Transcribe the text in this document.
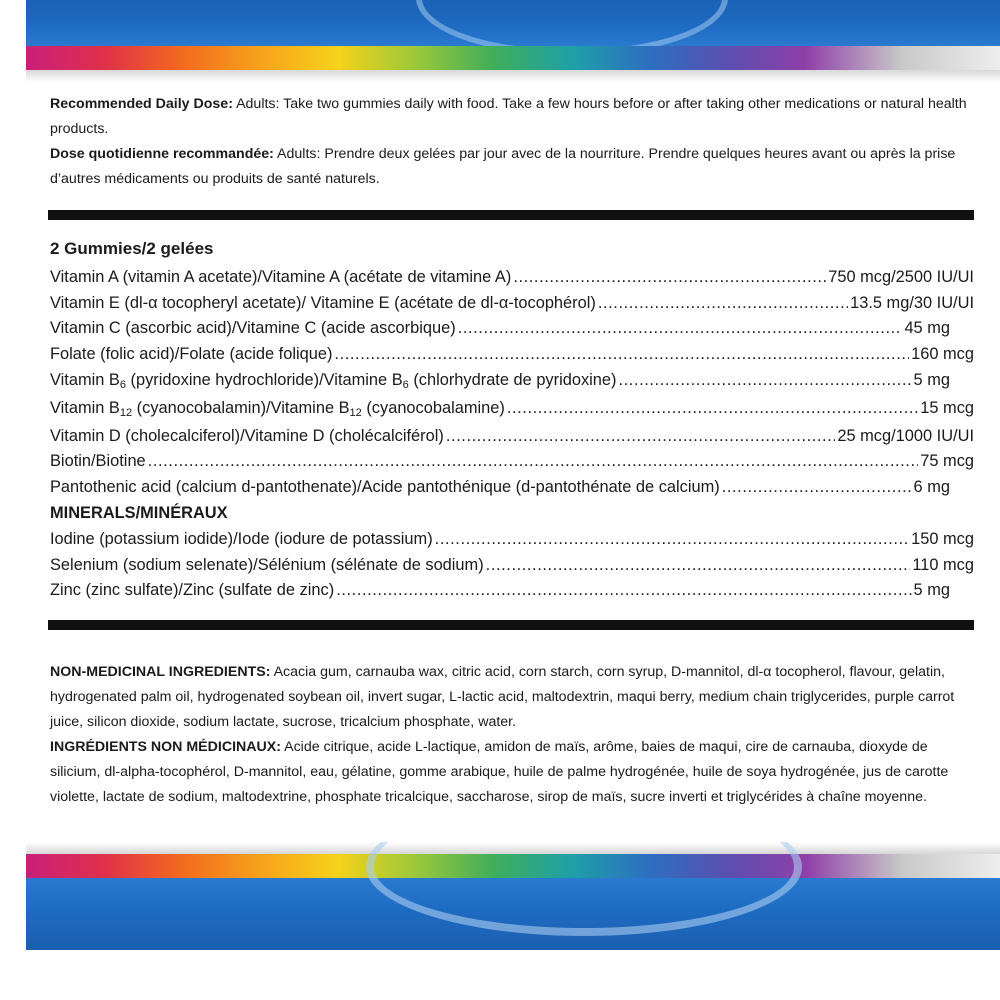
Recommended Daily Dose: Adults: Take two gummies daily with food. Take a few hours before or after taking other medications or natural health products.

Dose quotidienne recommandée: Adults: Prendre deux gelées par jour avec de la nourriture. Prendre quelques heures avant ou après la prise d’autres médicaments ou produits de santé naturels.

2 Gummies/2 gelées
Vitamin A (vitamin A acetate)/Vitamine A (acétate de vitamine A) .....	750 mcg/2500 IU/UI
Vitamin E (dl-α tocopheryl acetate)/ Vitamine E (acétate de dl-α-tocophérol) .....	13.5 mg/30 IU/UI
Vitamin C (ascorbic acid)/Vitamine C (acide ascorbique) .....	45 mg
Folate (folic acid)/Folate (acide folique) .....	160 mcg
Vitamin B6 (pyridoxine hydrochloride)/Vitamine B6 (chlorhydrate de pyridoxine) .....	5 mg
Vitamin B12 (cyanocobalamin)/Vitamine B12 (cyanocobalamine) .....	15 mcg
Vitamin D (cholecalciferol)/Vitamine D (cholécalciférol) .....	25 mcg/1000 IU/UI
Biotin/Biotine .....	75 mcg
Pantothenic acid (calcium d-pantothenate)/Acide pantothénique (d-pantothénate de calcium) .....	6 mg
MINERALS/MINÉRAUX
Iodine (potassium iodide)/Iode (iodure de potassium) .....	150 mcg
Selenium (sodium selenate)/Sélénium (sélénate de sodium) .....	110 mcg
Zinc (zinc sulfate)/Zinc (sulfate de zinc) .....	5 mg

NON-MEDICINAL INGREDIENTS: Acacia gum, carnauba wax, citric acid, corn starch, corn syrup, D-mannitol, dl-α tocopherol, flavour, gelatin, hydrogenated palm oil, hydrogenated soybean oil, invert sugar, L-lactic acid, maltodextrin, maqui berry, medium chain triglycerides, purple carrot juice, silicon dioxide, sodium lactate, sucrose, tricalcium phosphate, water.

INGRÉDIENTS NON MÉDICINAUX: Acide citrique, acide L-lactique, amidon de maïs, arôme, baies de maqui, cire de carnauba, dioxyde de silicium, dl-alpha-tocophérol, D-mannitol, eau, gélatine, gomme arabique, huile de palme hydrogénée, huile de soya hydrogénée, jus de carotte violette, lactate de sodium, maltodextrine, phosphate tricalcique, saccharose, sirop de maïs, sucre inverti et triglycérides à chaîne moyenne.
